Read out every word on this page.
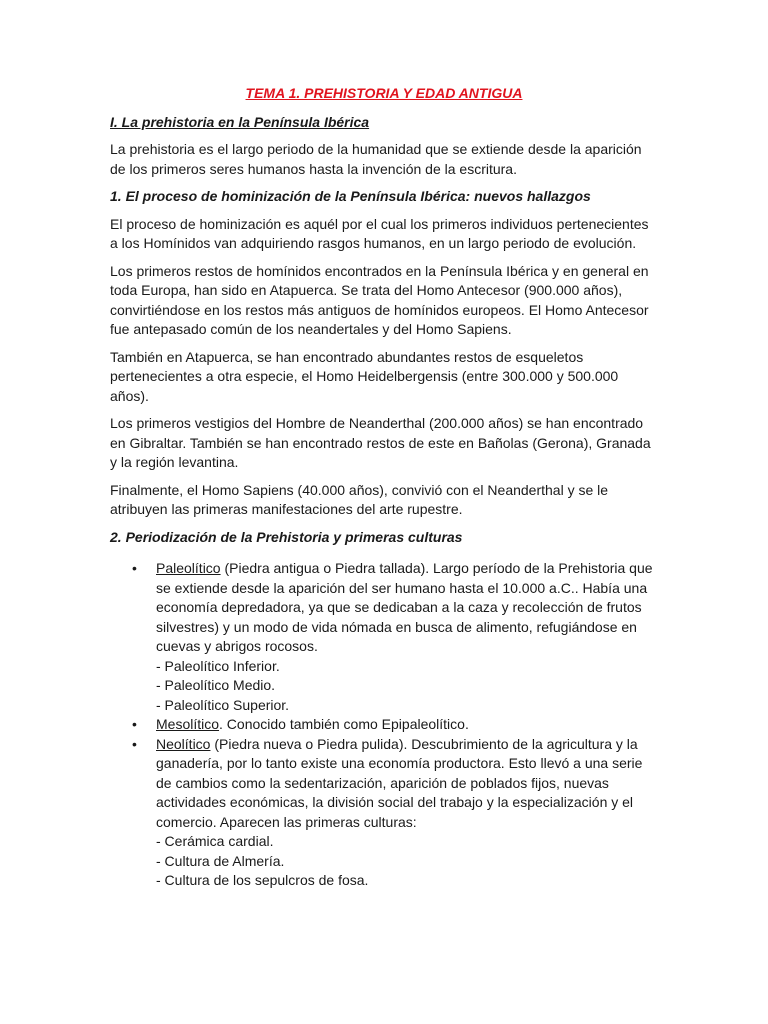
TEMA 1. PREHISTORIA Y EDAD ANTIGUA
I. La prehistoria en la Península Ibérica

La prehistoria es el largo periodo de la humanidad que se extiende desde la aparición de los primeros seres humanos hasta la invención de la escritura.

1. El proceso de hominización de la Península Ibérica: nuevos hallazgos

El proceso de hominización es aquél por el cual los primeros individuos pertenecientes a los Homínidos van adquiriendo rasgos humanos, en un largo periodo de evolución.

Los primeros restos de homínidos encontrados en la Península Ibérica y en general en toda Europa, han sido en Atapuerca. Se trata del Homo Antecesor (900.000 años), convirtiéndose en los restos más antiguos de homínidos europeos. El Homo Antecesor fue antepasado común de los neandertales y del Homo Sapiens.

También en Atapuerca, se han encontrado abundantes restos de esqueletos pertenecientes a otra especie, el Homo Heidelbergensis (entre 300.000 y 500.000 años).

Los primeros vestigios del Hombre de Neanderthal (200.000 años) se han encontrado en Gibraltar. También se han encontrado restos de este en Bañolas (Gerona), Granada y la región levantina.

Finalmente, el Homo Sapiens (40.000 años), convivió con el Neanderthal y se le atribuyen las primeras manifestaciones del arte rupestre.

2. Periodización de la Prehistoria y primeras culturas
• Paleolítico (Piedra antigua o Piedra tallada). Largo período de la Prehistoria que se extiende desde la aparición del ser humano hasta el 10.000 a.C.. Había una economía depredadora, ya que se dedicaban a la caza y recolección de frutos silvestres) y un modo de vida nómada en busca de alimento, refugiándose en cuevas y abrigos rocosos.
- Paleolítico Inferior.
- Paleolítico Medio.
- Paleolítico Superior.
• Mesolítico. Conocido también como Epipaleolítico.
• Neolítico (Piedra nueva o Piedra pulida). Descubrimiento de la agricultura y la ganadería, por lo tanto existe una economía productora. Esto llevó a una serie de cambios como la sedentarización, aparición de poblados fijos, nuevas actividades económicas, la división social del trabajo y la especialización y el comercio. Aparecen las primeras culturas:
- Cerámica cardial.
- Cultura de Almería.
- Cultura de los sepulcros de fosa.
